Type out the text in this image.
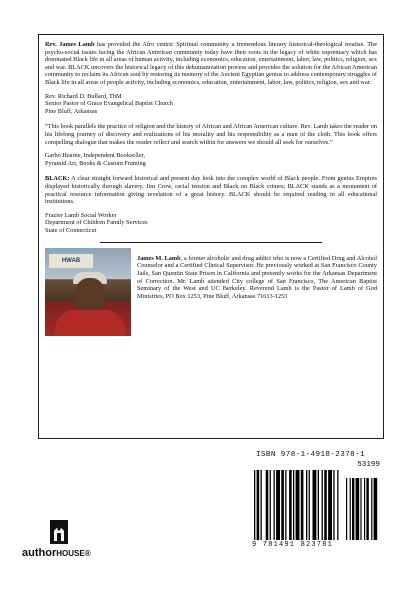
Rev. James Lamb has provided the Afro centric Spiritual community a tremendous literary historical-theological treatise. The psycho-social issues facing the African American community today have their roots in the legacy of white supremacy which has dominated Black life in all areas of human activity, including economics, education, entertainment, labor, law, politics, religion, sex and war. BLACK uncovers the historical legacy of this dehumanization process and provides the solution for the African American community to reclaim its African soul by restoring its memory of the Ancient Egyptian genius to address contemporary struggles of Black life in all areas of people activity, including economics, education, entertainment, labor, law, politics, religion, sex and war.

Rev. Richard D. Bullard, ThM

Senior Pastor of Grace Evangelical Baptist Church

Pine Bluff, Arkansas

“This book parallels the practice of religion and the history of African and African American culture. Rev. Lamb takes the reader on his lifelong journey of discovery and realizations of his morality and his responsibility as a man of the cloth. This book offers compelling dialogue that makes the reader reflect and search within for answers we should all seek for ourselves.”

Garbo Hearne, Independent Bookseller,

Pyramid Art, Books & Custom Framing

BLACK: A clear straight forward historical and present day look into the complex world of Black people. From genius Empires displayed historically through slavery, Jim Crow, racial tension and Black on Black crimes; BLACK stands as a monument of practical resource information giving revelation of a great history. BLACK should be required reading in all educational institutions.

Frazier Lamb Social Worker

Department of Children Family Services

State of Connecticut

HWAB	James M. Lamb, a former alcoholic and drug addict who is now a Certified Drug and Alcohol Counselor and a Certified Clinical Supervisor. He previously worked at San Francisco County Jails, San Quentin State Prison in California and presently works for the Arkansas Department of Correction. Mr. Lamb attended City college of San Francisco, The American Baptist Seminary of the West and UC Berkeley. Reverend Lamb is the Pastor of Lamb of God Ministries, PO Box 1253, Pine Bluff, Arkansas 71613-1253

authorHOUSE®
ISBN 978-1-4918-2378-1
53199
9 781491 823781
